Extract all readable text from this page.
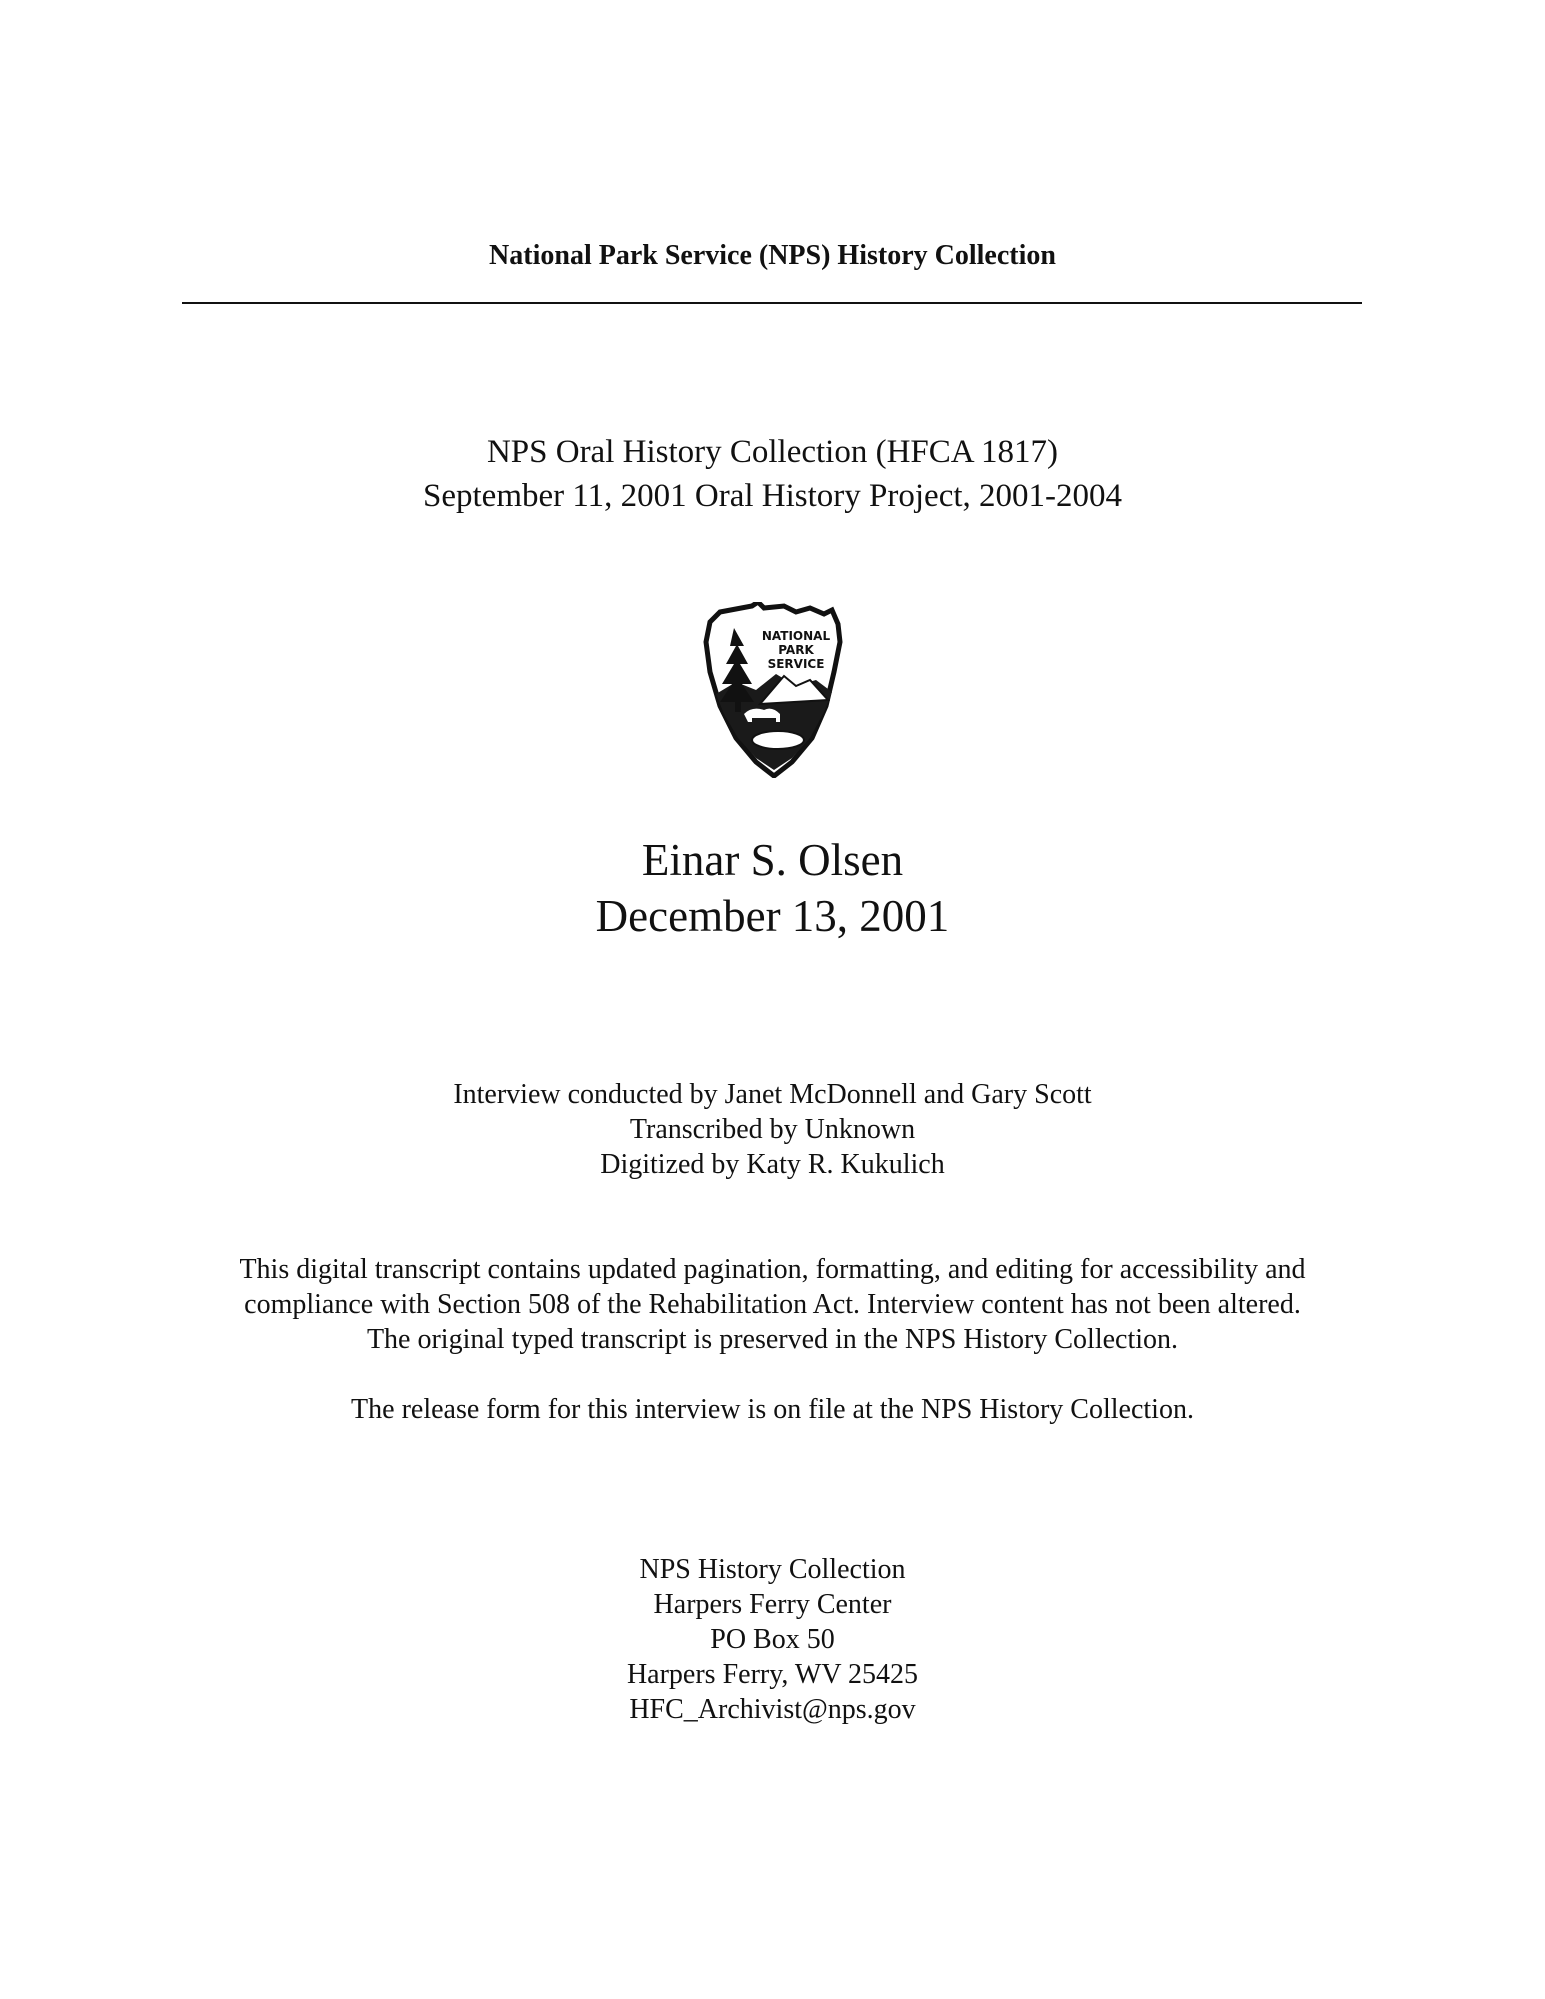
National Park Service (NPS) History Collection
NPS Oral History Collection (HFCA 1817)
September 11, 2001 Oral History Project, 2001-2004
NATIONAL
PARK
SERVICE
Einar S. Olsen
December 13, 2001
Interview conducted by Janet McDonnell and Gary Scott
Transcribed by Unknown
Digitized by Katy R. Kukulich
This digital transcript contains updated pagination, formatting, and editing for accessibility and
compliance with Section 508 of the Rehabilitation Act. Interview content has not been altered.
The original typed transcript is preserved in the NPS History Collection.
The release form for this interview is on file at the NPS History Collection.
NPS History Collection
Harpers Ferry Center
PO Box 50
Harpers Ferry, WV 25425
HFC_Archivist@nps.gov
